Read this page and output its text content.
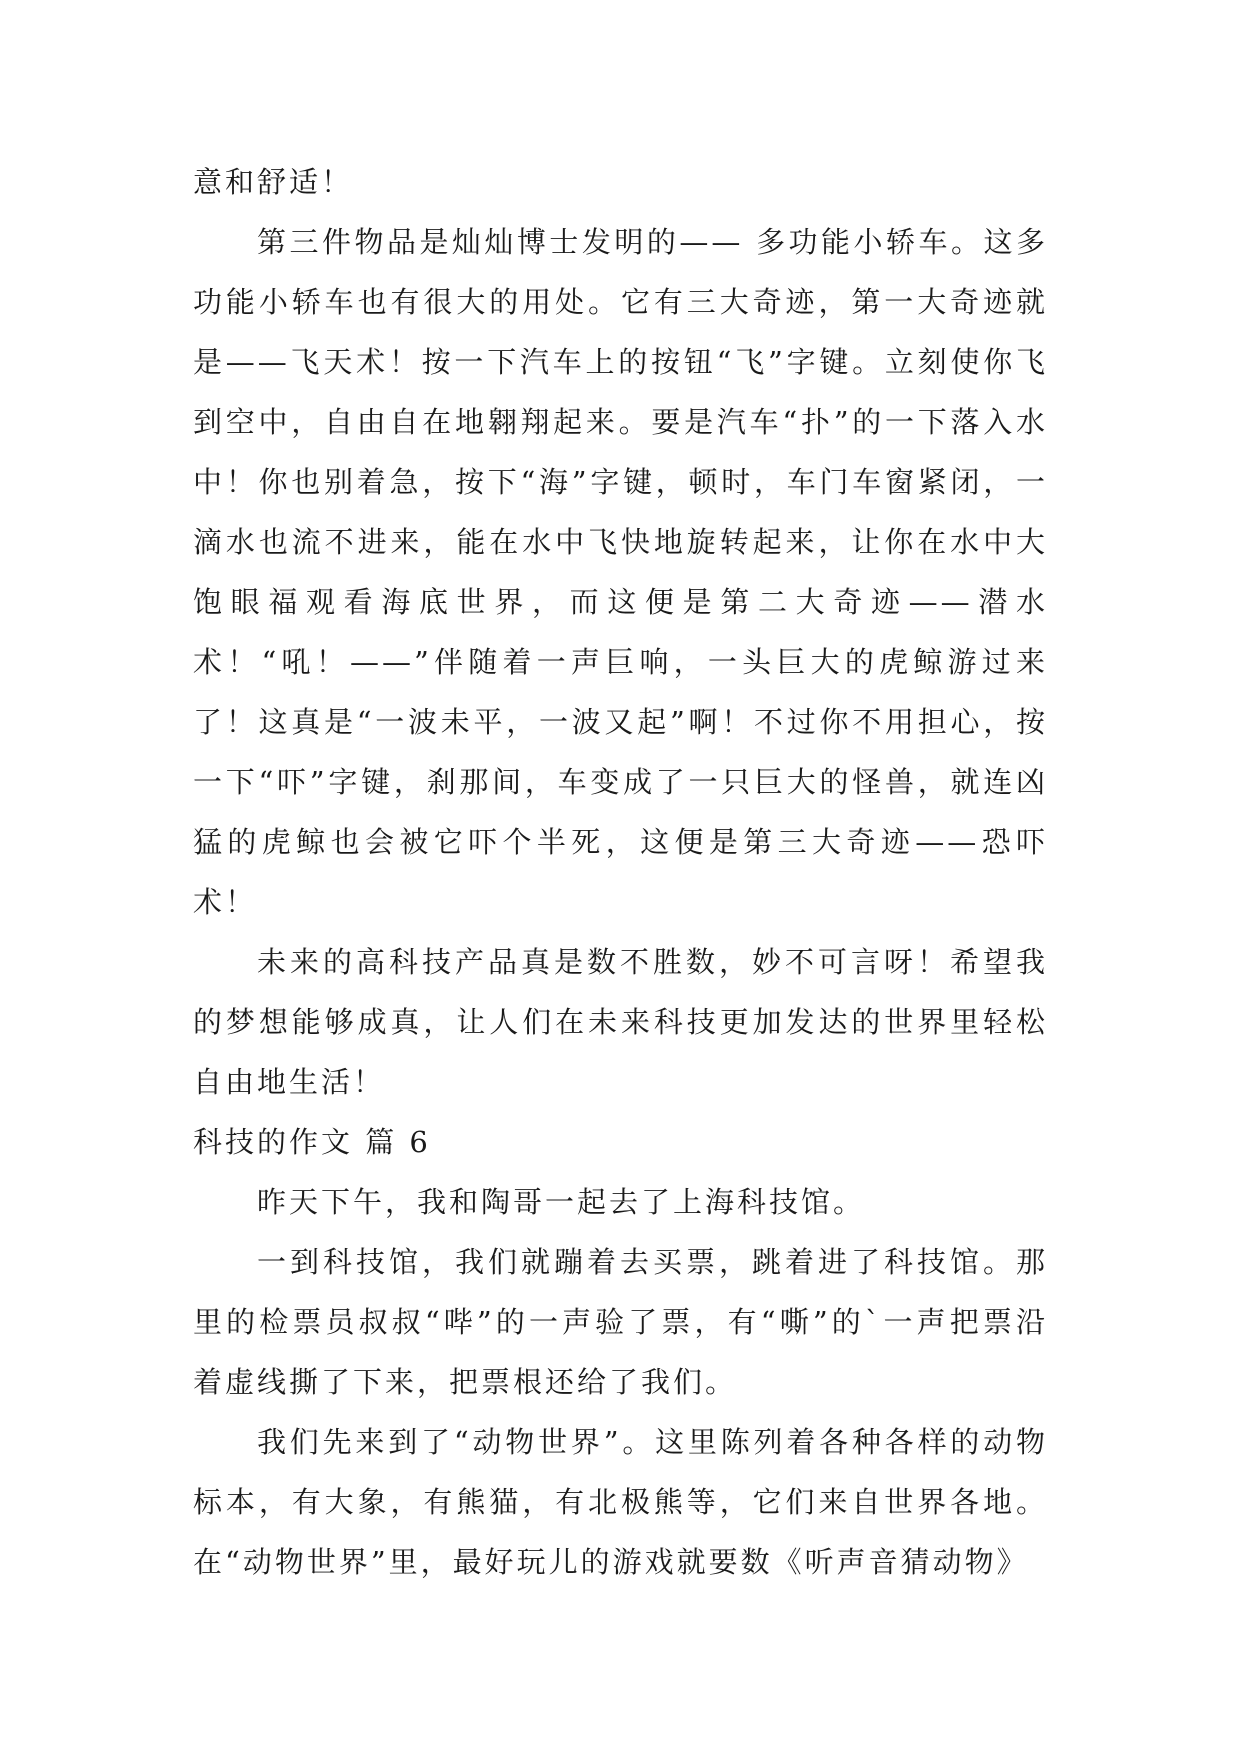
意和舒适！

第三件物品是灿灿博士发明的—— 多功能小轿车。这多功能小轿车也有很大的用处。它有三大奇迹，第一大奇迹就是——飞天术！按一下汽车上的按钮“飞”字键。立刻使你飞到空中，自由自在地翱翔起来。要是汽车“扑”的一下落入水中！你也别着急，按下“海”字键，顿时，车门车窗紧闭，一滴水也流不进来，能在水中飞快地旋转起来，让你在水中大饱眼福观看海底世界，而这便是第二大奇迹——潜水术！“吼！——”伴随着一声巨响，一头巨大的虎鲸游过来了！这真是“一波未平，一波又起”啊！不过你不用担心，按一下“吓”字键，刹那间，车变成了一只巨大的怪兽，就连凶猛的虎鲸也会被它吓个半死，这便是第三大奇迹——恐吓术！

未来的高科技产品真是数不胜数，妙不可言呀！希望我的梦想能够成真，让人们在未来科技更加发达的世界里轻松自由地生活！

科技的作文 篇 6

昨天下午，我和陶哥一起去了上海科技馆。

一到科技馆，我们就蹦着去买票，跳着进了科技馆。那里的检票员叔叔“哔”的一声验了票，有“嘶”的`一声把票沿着虚线撕了下来，把票根还给了我们。

我们先来到了“动物世界”。这里陈列着各种各样的动物标本，有大象，有熊猫，有北极熊等，它们来自世界各地。在“动物世界”里，最好玩儿的游戏就要数《听声音猜动物》
